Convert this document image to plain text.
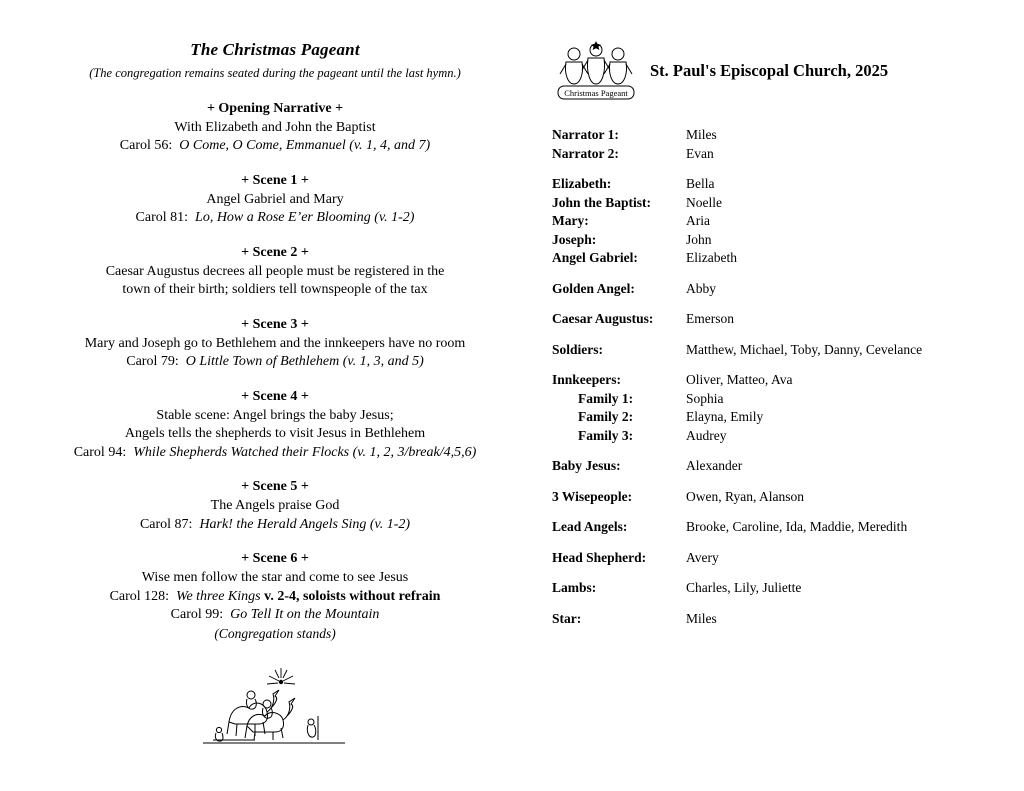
The Christmas Pageant
(The congregation remains seated during the pageant until the last hymn.)
+ Opening Narrative +
With Elizabeth and John the Baptist
Carol 56: O Come, O Come, Emmanuel (v. 1, 4, and 7)
+ Scene 1 +
Angel Gabriel and Mary
Carol 81: Lo, How a Rose E’er Blooming (v. 1-2)
+ Scene 2 +
Caesar Augustus decrees all people must be registered in the
town of their birth; soldiers tell townspeople of the tax
+ Scene 3 +
Mary and Joseph go to Bethlehem and the innkeepers have no room
Carol 79: O Little Town of Bethlehem (v. 1, 3, and 5)
+ Scene 4 +
Stable scene: Angel brings the baby Jesus;
Angels tells the shepherds to visit Jesus in Bethlehem
Carol 94: While Shepherds Watched their Flocks (v. 1, 2, 3/break/4,5,6)
+ Scene 5 +
The Angels praise God
Carol 87: Hark! the Herald Angels Sing (v. 1-2)
+ Scene 6 +
Wise men follow the star and come to see Jesus
Carol 128: We three Kings v. 2-4, soloists without refrain
Carol 99: Go Tell It on the Mountain
(Congregation stands)
Christmas Pageant
St. Paul's Episcopal Church, 2025
Narrator 1:	Miles
Narrator 2:	Evan
Elizabeth:	Bella
John the Baptist:	Noelle
Mary:	Aria
Joseph:	John
Angel Gabriel:	Elizabeth
Golden Angel:	Abby
Caesar Augustus:	Emerson
Soldiers:	Matthew, Michael, Toby, Danny, Cevelance
Innkeepers:	Oliver, Matteo, Ava
Family 1:	Sophia
Family 2:	Elayna, Emily
Family 3:	Audrey
Baby Jesus:	Alexander
3 Wisepeople:	Owen, Ryan, Alanson
Lead Angels:	Brooke, Caroline, Ida, Maddie, Meredith
Head Shepherd:	Avery
Lambs:	Charles, Lily, Juliette
Star:	Miles
